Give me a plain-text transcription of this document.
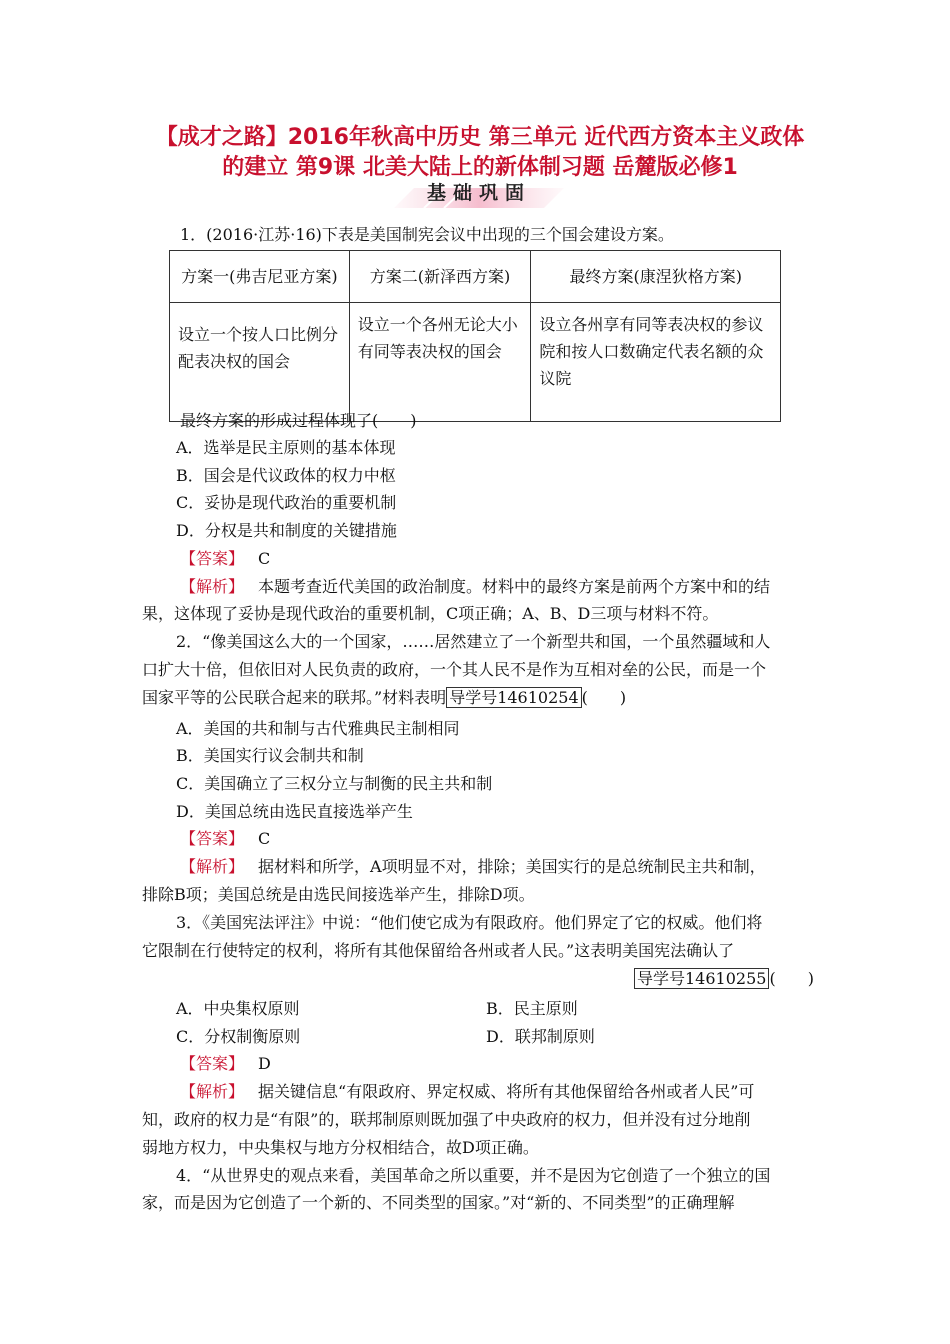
【成才之路】2016年秋高中历史 第三单元 近代西方资本主义政体
的建立 第9课 北美大陆上的新体制习题 岳麓版必修1
基础巩固
1．(2016·江苏·16)下表是美国制宪会议中出现的三个国会建设方案。
方案一(弗吉尼亚方案)	方案二(新泽西方案)	最终方案(康涅狄格方案)
设立一个按人口比例分配表决权的国会	设立一个各州无论大小有同等表决权的国会	设立各州享有同等表决权的参议院和按人口数确定代表名额的众议院
最终方案的形成过程体现了(　　)
A．选举是民主原则的基本体现
B．国会是代议政体的权力中枢
C．妥协是现代政治的重要机制
D．分权是共和制度的关键措施
【答案】 C
【解析】 本题考查近代美国的政治制度。材料中的最终方案是前两个方案中和的结
果，这体现了妥协是现代政治的重要机制，C项正确；A、B、D三项与材料不符。
2．“像美国这么大的一个国家，……居然建立了一个新型共和国，一个虽然疆域和人
口扩大十倍，但依旧对人民负责的政府，一个其人民不是作为互相对垒的公民，而是一个
国家平等的公民联合起来的联邦。”材料表明 导学号14610254 (　　)
A．美国的共和制与古代雅典民主制相同
B．美国实行议会制共和制
C．美国确立了三权分立与制衡的民主共和制
D．美国总统由选民直接选举产生
【答案】 C
【解析】 据材料和所学，A项明显不对，排除；美国实行的是总统制民主共和制，
排除B项；美国总统是由选民间接选举产生，排除D项。
3．《美国宪法评注》中说：“他们使它成为有限政府。他们界定了它的权威。他们将
它限制在行使特定的权利，将所有其他保留给各州或者人民。”这表明美国宪法确认了
导学号14610255 (　　)
A．中央集权原则	B．民主原则
C．分权制衡原则	D．联邦制原则
【答案】 D
【解析】 据关键信息“有限政府、界定权威、将所有其他保留给各州或者人民”可
知，政府的权力是“有限”的，联邦制原则既加强了中央政府的权力，但并没有过分地削
弱地方权力，中央集权与地方分权相结合，故D项正确。
4．“从世界史的观点来看，美国革命之所以重要，并不是因为它创造了一个独立的国
家，而是因为它创造了一个新的、不同类型的国家。”对“新的、不同类型”的正确理解
